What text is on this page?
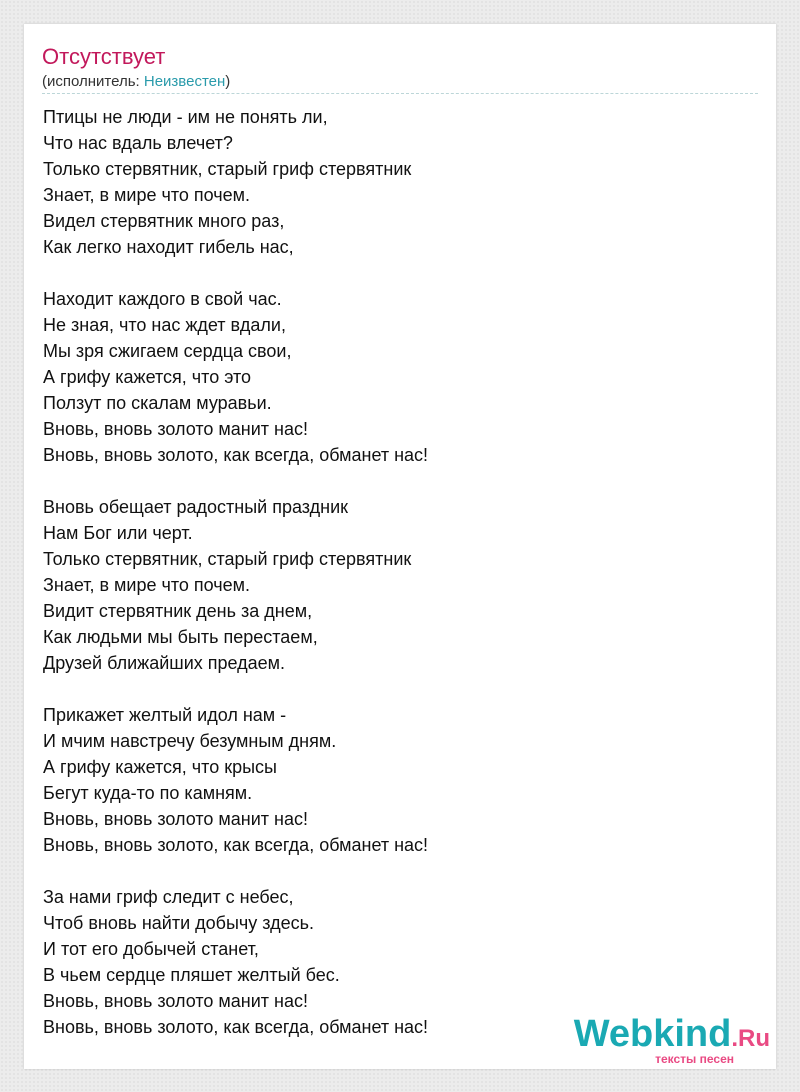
Отсутствует
(исполнитель: Неизвестен)
Птицы не люди - им не понять ли,
Что нас вдаль влечет?
Только стервятник, старый гриф стервятник
Знает, в мире что почем.
Видел стервятник много раз,
Как легко находит гибель нас,
Находит каждого в свой час.
Не зная, что нас ждет вдали,
Мы зря сжигаем сердца свои,
А грифу кажется, что это
Ползут по скалам муравьи.
Вновь, вновь золото манит нас!
Вновь, вновь золото, как всегда, обманет нас!
Вновь обещает радостный праздник
Нам Бог или черт.
Только стервятник, старый гриф стервятник
Знает, в мире что почем.
Видит стервятник день за днем,
Как людьми мы быть перестаем,
Друзей ближайших предаем.
Прикажет желтый идол нам -
И мчим навстречу безумным дням.
А грифу кажется, что крысы
Бегут куда-то по камням.
Вновь, вновь золото манит нас!
Вновь, вновь золото, как всегда, обманет нас!
За нами гриф следит с небес,
Чтоб вновь найти добычу здесь.
И тот его добычей станет,
В чьем сердце пляшет желтый бес.
Вновь, вновь золото манит нас!
Вновь, вновь золото, как всегда, обманет нас!	Webkind.Ru
тексты песен
